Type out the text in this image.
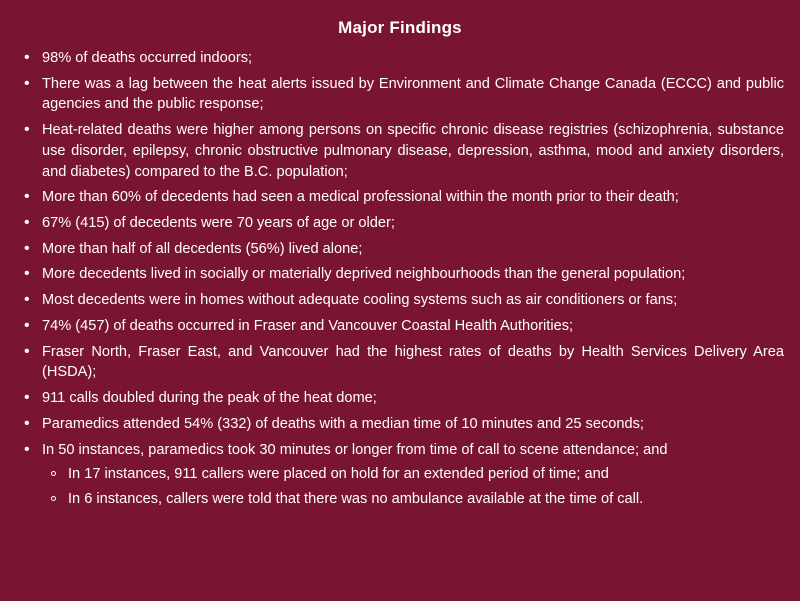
Major Findings
• 98% of deaths occurred indoors;
• There was a lag between the heat alerts issued by Environment and Climate Change Canada (ECCC) and public agencies and the public response;
• Heat-related deaths were higher among persons on specific chronic disease registries (schizophrenia, substance use disorder, epilepsy, chronic obstructive pulmonary disease, depression, asthma, mood and anxiety disorders, and diabetes) compared to the B.C. population;
• More than 60% of decedents had seen a medical professional within the month prior to their death;
• 67% (415) of decedents were 70 years of age or older;
• More than half of all decedents (56%) lived alone;
• More decedents lived in socially or materially deprived neighbourhoods than the general population;
• Most decedents were in homes without adequate cooling systems such as air conditioners or fans;
• 74% (457) of deaths occurred in Fraser and Vancouver Coastal Health Authorities;
• Fraser North, Fraser East, and Vancouver had the highest rates of deaths by Health Services Delivery Area (HSDA);
• 911 calls doubled during the peak of the heat dome;
• Paramedics attended 54% (332) of deaths with a median time of 10 minutes and 25 seconds;
• In 50 instances, paramedics took 30 minutes or longer from time of call to scene attendance; and
In 17 instances, 911 callers were placed on hold for an extended period of time; and
In 6 instances, callers were told that there was no ambulance available at the time of call.
